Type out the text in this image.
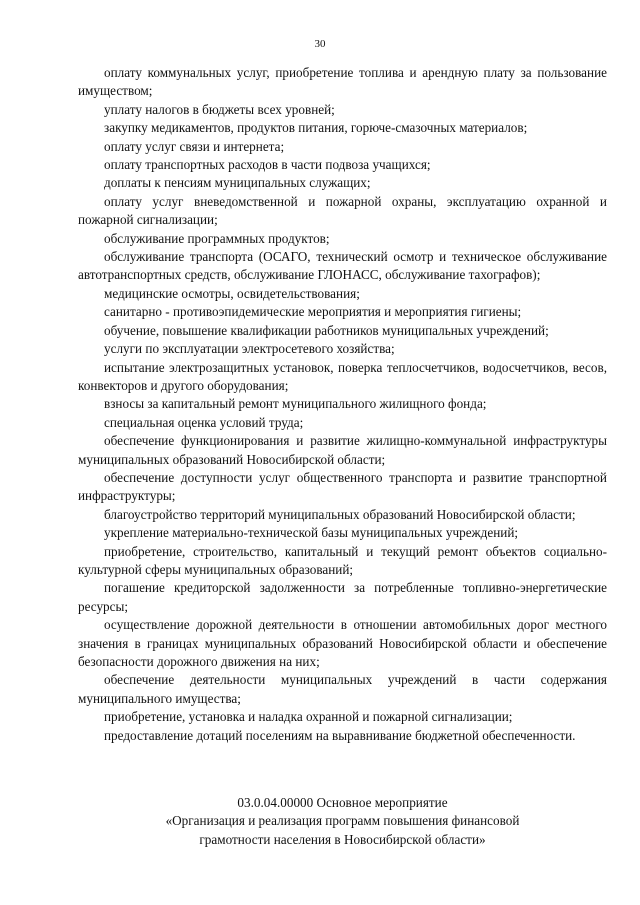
30

оплату коммунальных услуг, приобретение топлива и арендную плату за пользование имуществом;

уплату налогов в бюджеты всех уровней;

закупку медикаментов, продуктов питания, горюче-смазочных материалов;

оплату услуг связи и интернета;

оплату транспортных расходов в части подвоза учащихся;

доплаты к пенсиям муниципальных служащих;

оплату услуг вневедомственной и пожарной охраны, эксплуатацию охранной и пожарной сигнализации;

обслуживание программных продуктов;

обслуживание транспорта (ОСАГО, технический осмотр и техническое обслуживание автотранспортных средств, обслуживание ГЛОНАСС, обслуживание тахографов);

медицинские осмотры, освидетельствования;

санитарно - противоэпидемические мероприятия и мероприятия гигиены;

обучение, повышение квалификации работников муниципальных учреждений;

услуги по эксплуатации электросетевого хозяйства;

испытание электрозащитных установок, поверка теплосчетчиков, водосчетчиков, весов, конвекторов и другого оборудования;

взносы за капитальный ремонт муниципального жилищного фонда;

специальная оценка условий труда;

обеспечение функционирования и развитие жилищно-коммунальной инфраструктуры муниципальных образований Новосибирской области;

обеспечение доступности услуг общественного транспорта и развитие транспортной инфраструктуры;

благоустройство территорий муниципальных образований Новосибирской области;

укрепление материально-технической базы муниципальных учреждений;

приобретение, строительство, капитальный и текущий ремонт объектов социально-культурной сферы муниципальных образований;

погашение кредиторской задолженности за потребленные топливно-энергетические ресурсы;

осуществление дорожной деятельности в отношении автомобильных дорог местного значения в границах муниципальных образований Новосибирской области и обеспечение безопасности дорожного движения на них;

обеспечение деятельности муниципальных учреждений в части содержания муниципального имущества;

приобретение, установка и наладка охранной и пожарной сигнализации;

предоставление дотаций поселениям на выравнивание бюджетной обеспеченности.

03.0.04.00000 Основное мероприятие
«Организация и реализация программ повышения финансовой
грамотности населения в Новосибирской области»
